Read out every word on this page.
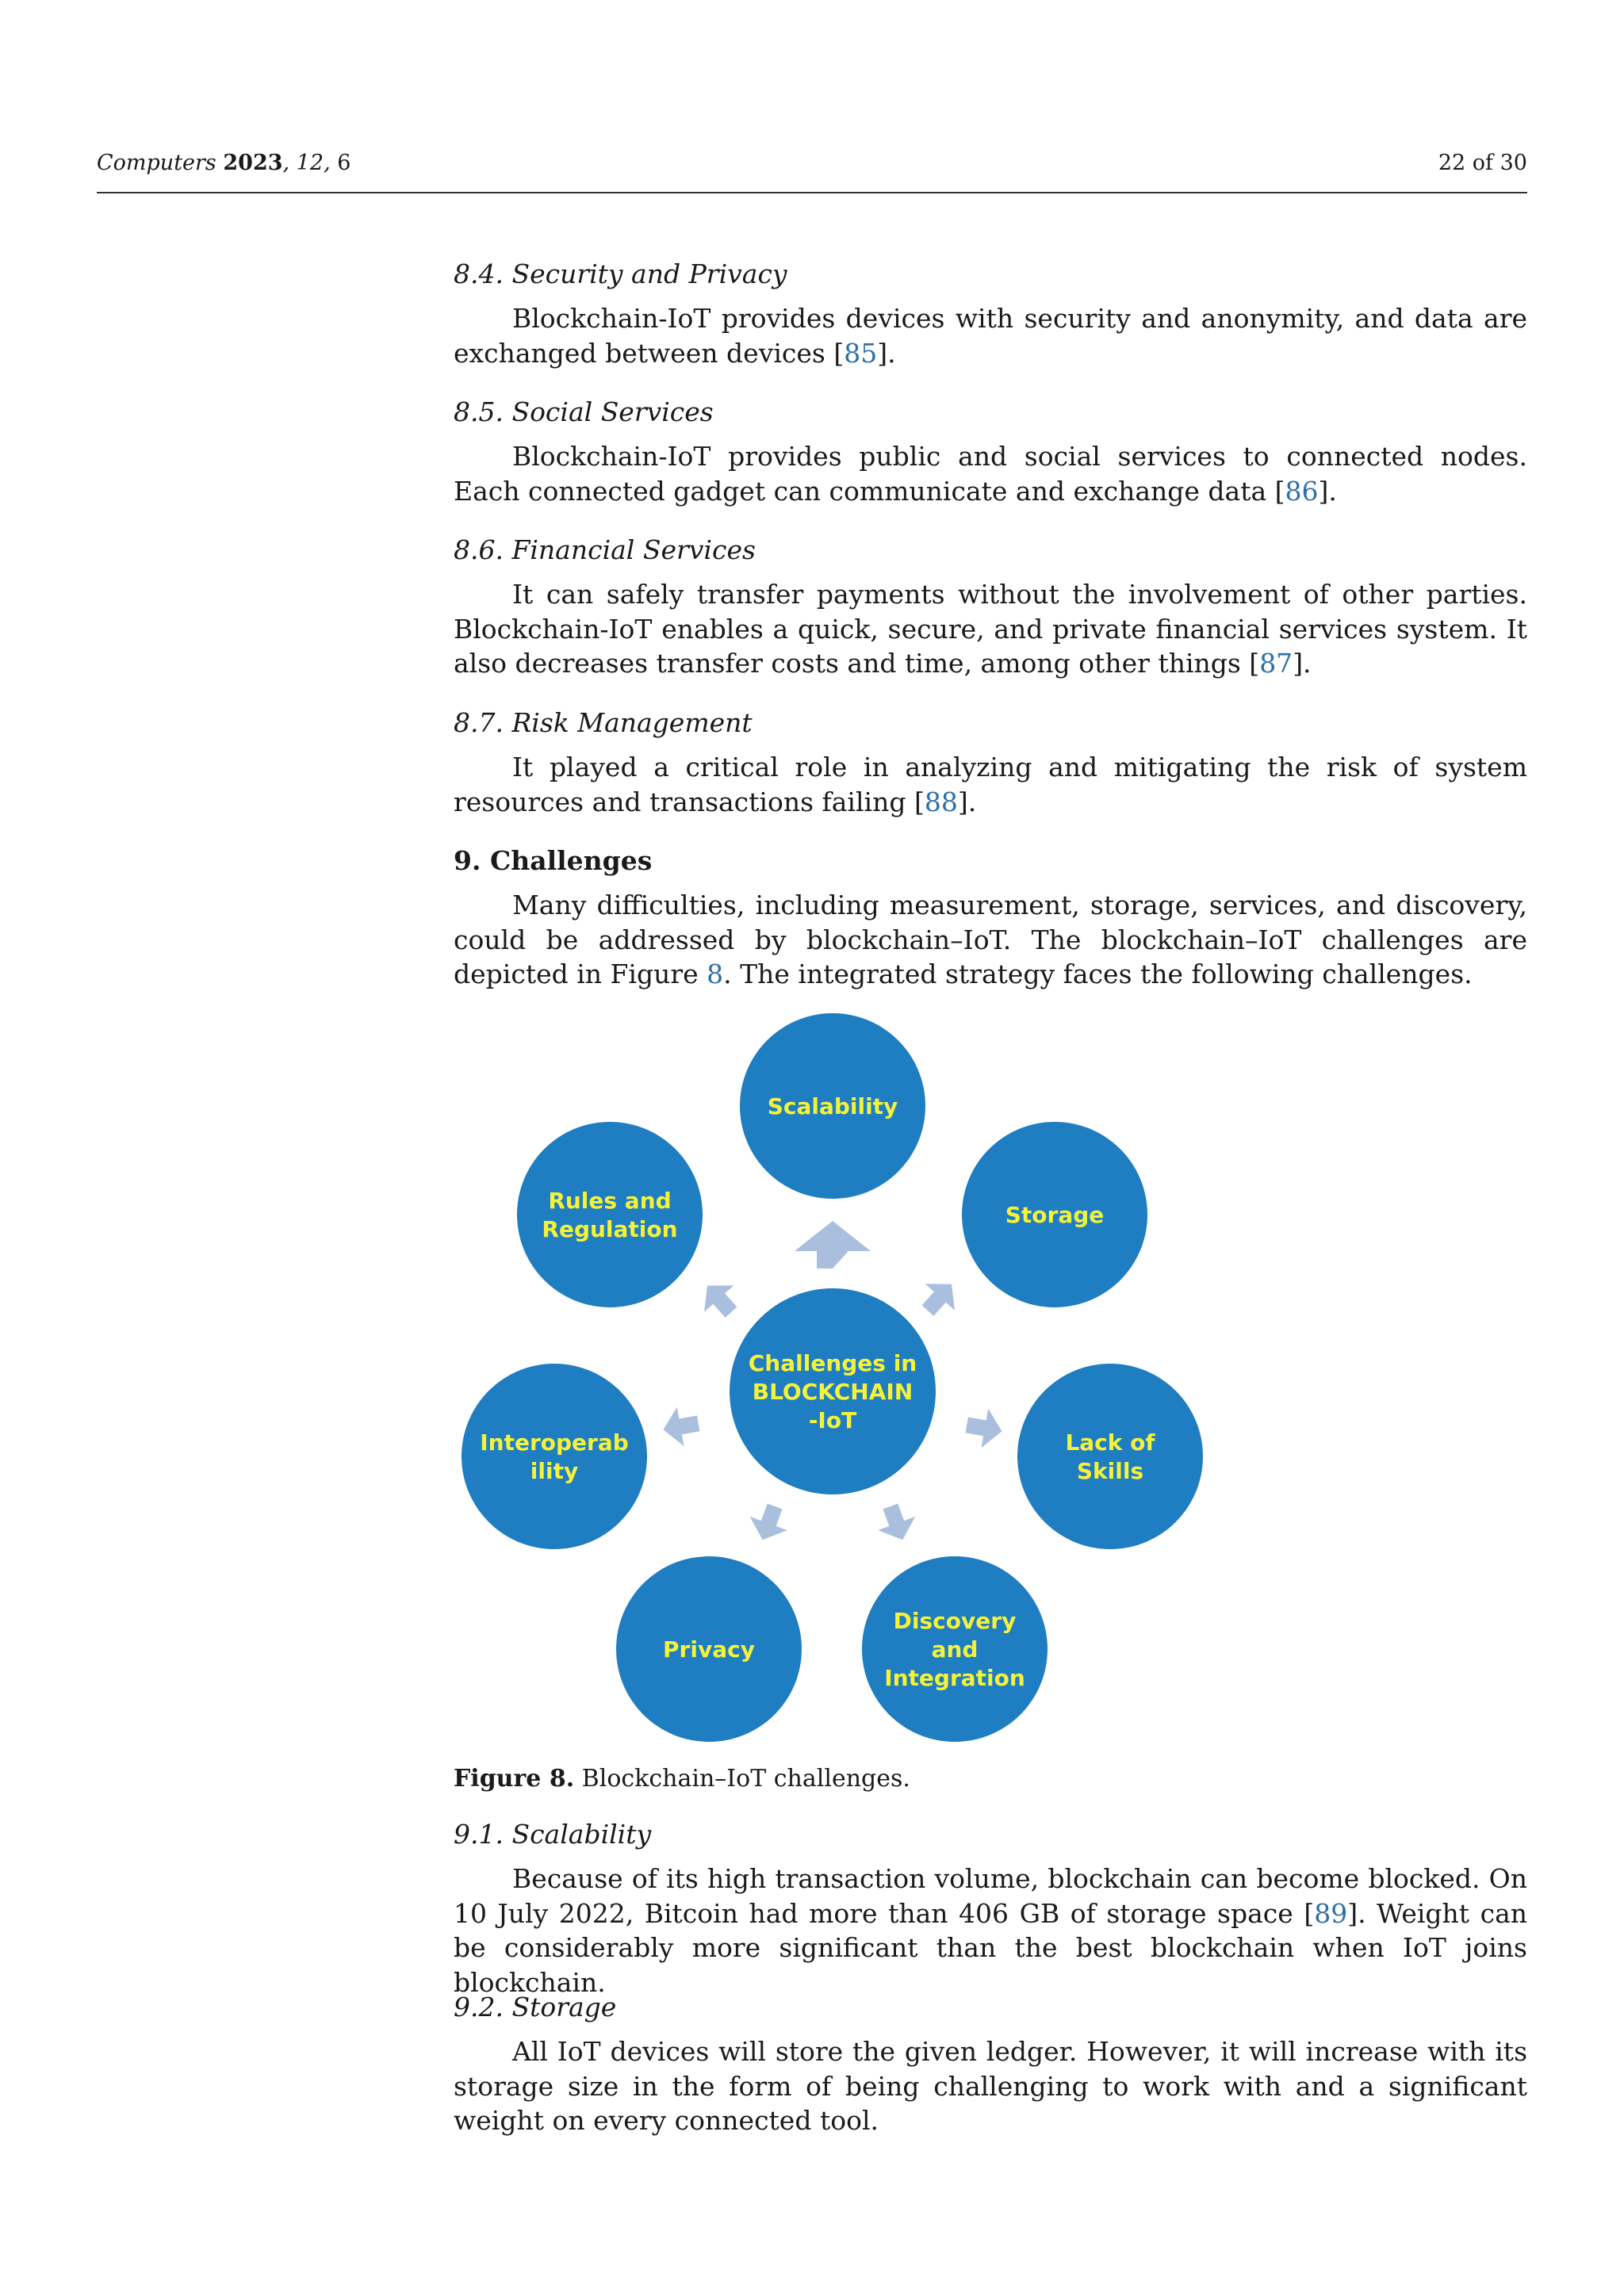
Computers 2023, 12, 6	22 of 30
8.4. Security and Privacy
Blockchain-IoT provides devices with security and anonymity, and data are exchanged between devices [85].
8.5. Social Services
Blockchain-IoT provides public and social services to connected nodes. Each connected gadget can communicate and exchange data [86].
8.6. Financial Services
It can safely transfer payments without the involvement of other parties. Blockchain-IoT enables a quick, secure, and private financial services system. It also decreases transfer costs and time, among other things [87].
8.7. Risk Management
It played a critical role in analyzing and mitigating the risk of system resources and transactions failing [88].
9. Challenges
Many difficulties, including measurement, storage, services, and discovery, could be addressed by blockchain–IoT. The blockchain–IoT challenges are depicted in Figure 8. The integrated strategy faces the following challenges.
Challenges in BLOCKCHAIN -IoT
Scalability
Storage
Lack of Skills
Discovery and Integration
Privacy
Interoperab ility
Rules and Regulation
Figure 8. Blockchain–IoT challenges.
9.1. Scalability
Because of its high transaction volume, blockchain can become blocked. On 10 July 2022, Bitcoin had more than 406 GB of storage space [89]. Weight can be considerably more significant than the best blockchain when IoT joins blockchain.
9.2. Storage
All IoT devices will store the given ledger. However, it will increase with its storage size in the form of being challenging to work with and a significant weight on every connected tool.
